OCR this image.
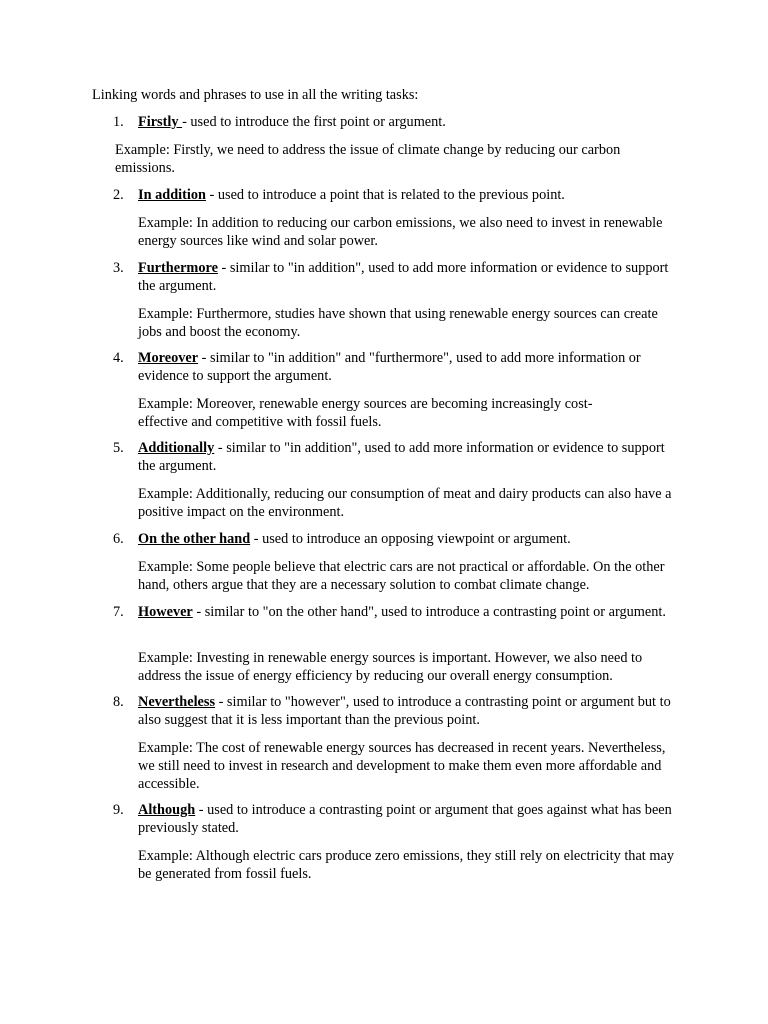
Linking words and phrases to use in all the writing tasks:
1. Firstly - used to introduce the first point or argument.
Example: Firstly, we need to address the issue of climate change by reducing our carbon emissions.
2. In addition - used to introduce a point that is related to the previous point.
Example: In addition to reducing our carbon emissions, we also need to invest in renewable energy sources like wind and solar power.
3. Furthermore - similar to "in addition", used to add more information or evidence to support the argument.
Example: Furthermore, studies have shown that using renewable energy sources can create jobs and boost the economy.
4. Moreover - similar to "in addition" and "furthermore", used to add more information or evidence to support the argument.
Example: Moreover, renewable energy sources are becoming increasingly cost-effective and competitive with fossil fuels.
5. Additionally - similar to "in addition", used to add more information or evidence to support the argument.
Example: Additionally, reducing our consumption of meat and dairy products can also have a positive impact on the environment.
6. On the other hand - used to introduce an opposing viewpoint or argument.
Example: Some people believe that electric cars are not practical or affordable. On the other hand, others argue that they are a necessary solution to combat climate change.
7. However - similar to "on the other hand", used to introduce a contrasting point or argument.
Example: Investing in renewable energy sources is important. However, we also need to address the issue of energy efficiency by reducing our overall energy consumption.
8. Nevertheless - similar to "however", used to introduce a contrasting point or argument but to also suggest that it is less important than the previous point.
Example: The cost of renewable energy sources has decreased in recent years. Nevertheless, we still need to invest in research and development to make them even more affordable and accessible.
9. Although - used to introduce a contrasting point or argument that goes against what has been previously stated.
Example: Although electric cars produce zero emissions, they still rely on electricity that may be generated from fossil fuels.
